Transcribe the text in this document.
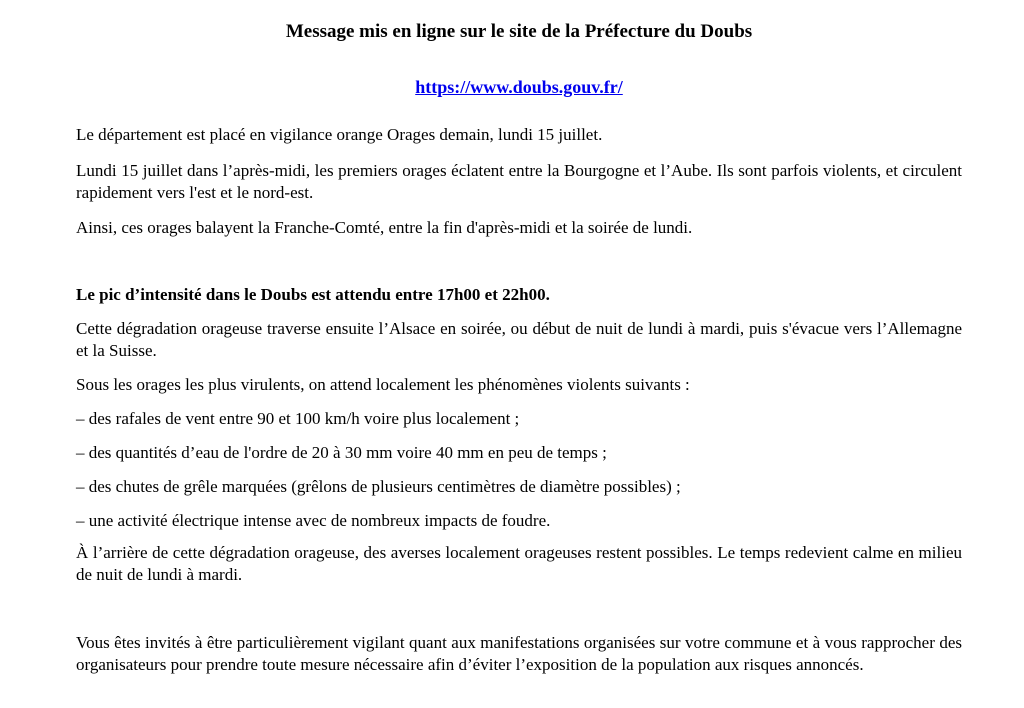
Message mis en ligne sur le site de la Préfecture du Doubs
https://www.doubs.gouv.fr/

Le département est placé en vigilance orange Orages demain, lundi 15 juillet.

Lundi 15 juillet dans l’après-midi, les premiers orages éclatent entre la Bourgogne et l’Aube. Ils sont parfois violents, et circulent rapidement vers l'est et le nord-est.

Ainsi, ces orages balayent la Franche-Comté, entre la fin d'après-midi et la soirée de lundi.

Le pic d’intensité dans le Doubs est attendu entre 17h00 et 22h00.

Cette dégradation orageuse traverse ensuite l’Alsace en soirée, ou début de nuit de lundi à mardi, puis s'évacue vers l’Allemagne et la Suisse.

Sous les orages les plus virulents, on attend localement les phénomènes violents suivants :

– des rafales de vent entre 90 et 100 km/h voire plus localement ;

– des quantités d’eau de l'ordre de 20 à 30 mm voire 40 mm en peu de temps ;

– des chutes de grêle marquées (grêlons de plusieurs centimètres de diamètre possibles) ;

– une activité électrique intense avec de nombreux impacts de foudre.

À l’arrière de cette dégradation orageuse, des averses localement orageuses restent possibles. Le temps redevient calme en milieu de nuit de lundi à mardi.

Vous êtes invités à être particulièrement vigilant quant aux manifestations organisées sur votre commune et à vous rapprocher des organisateurs pour prendre toute mesure nécessaire afin d’éviter l’exposition de la population aux risques annoncés.
